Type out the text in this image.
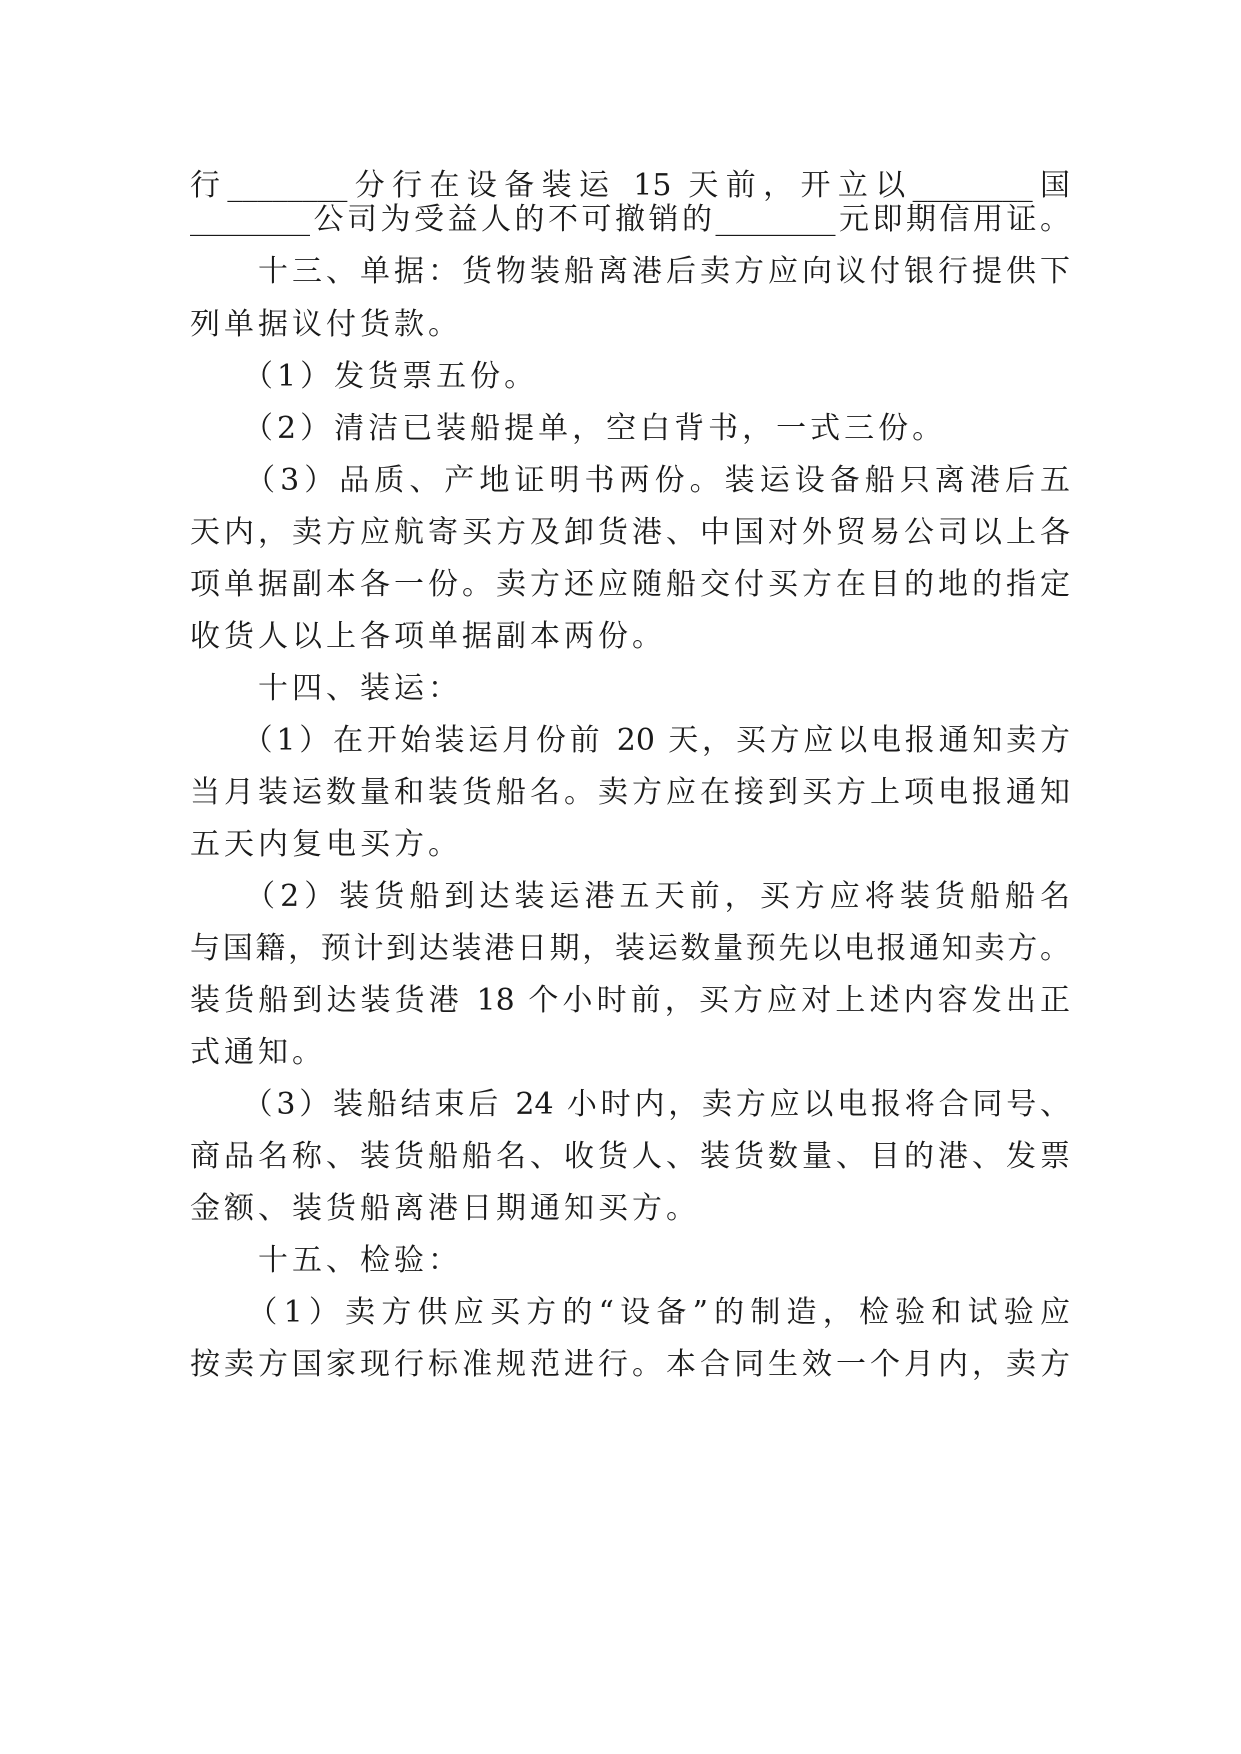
行________分行在设备装运 15 天前，开立以________国
________公司为受益人的不可撤销的________元即期信用证。
　　十三、单据：货物装船离港后卖方应向议付银行提供下
列单据议付货款。
　　（1）发货票五份。
　　（2）清洁已装船提单，空白背书，一式三份。
　　（3）品质、产地证明书两份。装运设备船只离港后五
天内，卖方应航寄买方及卸货港、中国对外贸易公司以上各
项单据副本各一份。卖方还应随船交付买方在目的地的指定
收货人以上各项单据副本两份。
　　十四、装运：
　　（1）在开始装运月份前 20 天，买方应以电报通知卖方
当月装运数量和装货船名。卖方应在接到买方上项电报通知
五天内复电买方。
　　（2）装货船到达装运港五天前，买方应将装货船船名
与国籍，预计到达装港日期，装运数量预先以电报通知卖方。
装货船到达装货港 18 个小时前，买方应对上述内容发出正
式通知。
　　（3）装船结束后 24 小时内，卖方应以电报将合同号、
商品名称、装货船船名、收货人、装货数量、目的港、发票
金额、装货船离港日期通知买方。
　　十五、检验：
　　（1）卖方供应买方的“设备”的制造，检验和试验应
按卖方国家现行标准规范进行。本合同生效一个月内，卖方
